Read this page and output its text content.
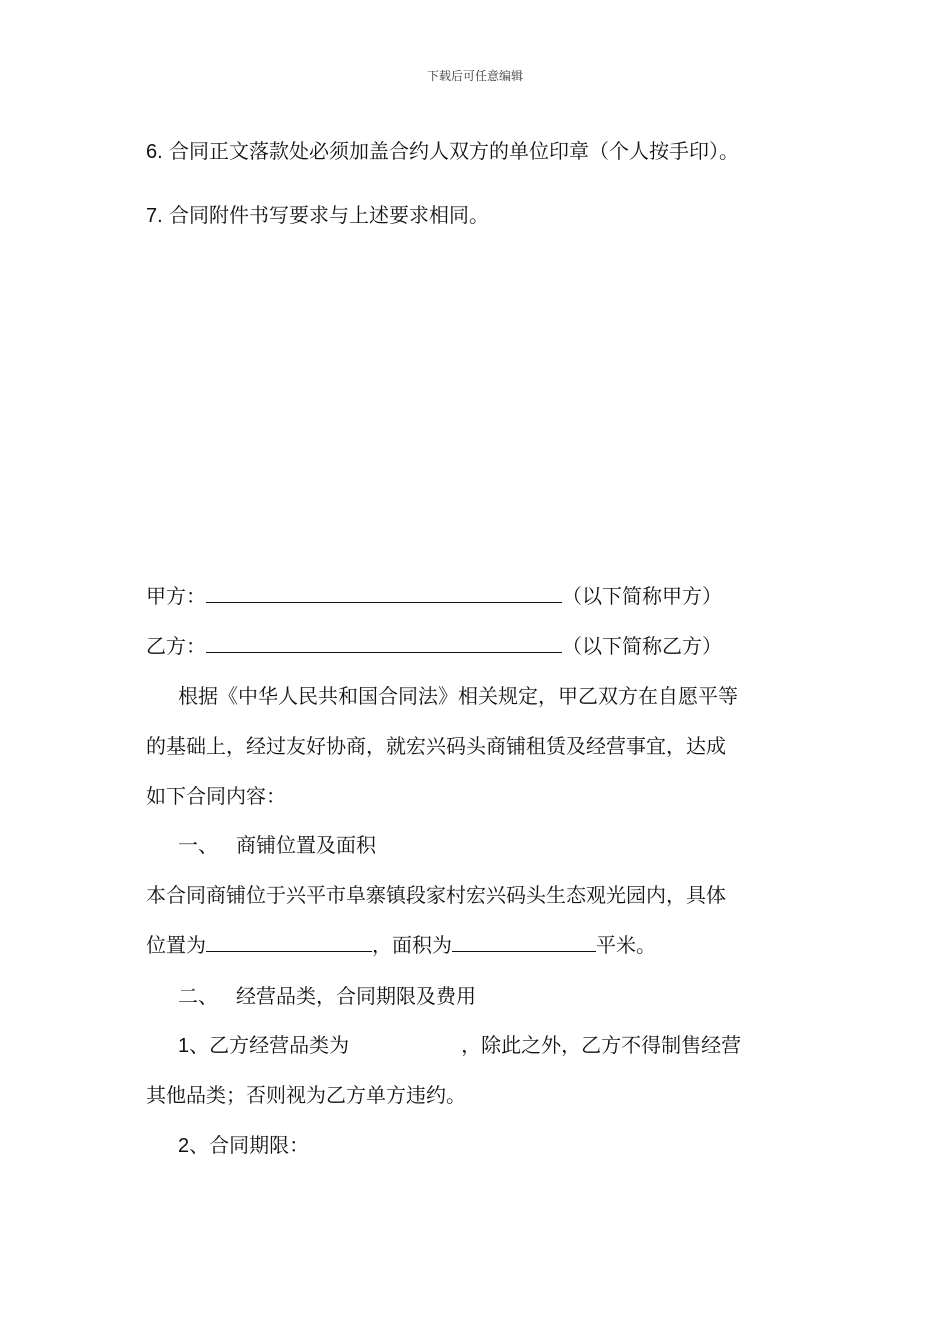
下载后可任意编辑
6. 合同正文落款处必须加盖合约人双方的单位印章（个人按手印）。
7. 合同附件书写要求与上述要求相同。
甲方：	（以下简称甲方）
乙方：	（以下简称乙方）
根据《中华人民共和国合同法》相关规定，甲乙双方在自愿平等
的基础上，经过友好协商，就宏兴码头商铺租赁及经营事宜，达成
如下合同内容：
一、 商铺位置及面积
本合同商铺位于兴平市阜寨镇段家村宏兴码头生态观光园内，具体
位置为	，面积为	平米。
二、 经营品类，合同期限及费用
1、乙方经营品类为	，除此之外，乙方不得制售经营
其他品类；否则视为乙方单方违约。
2、合同期限：
